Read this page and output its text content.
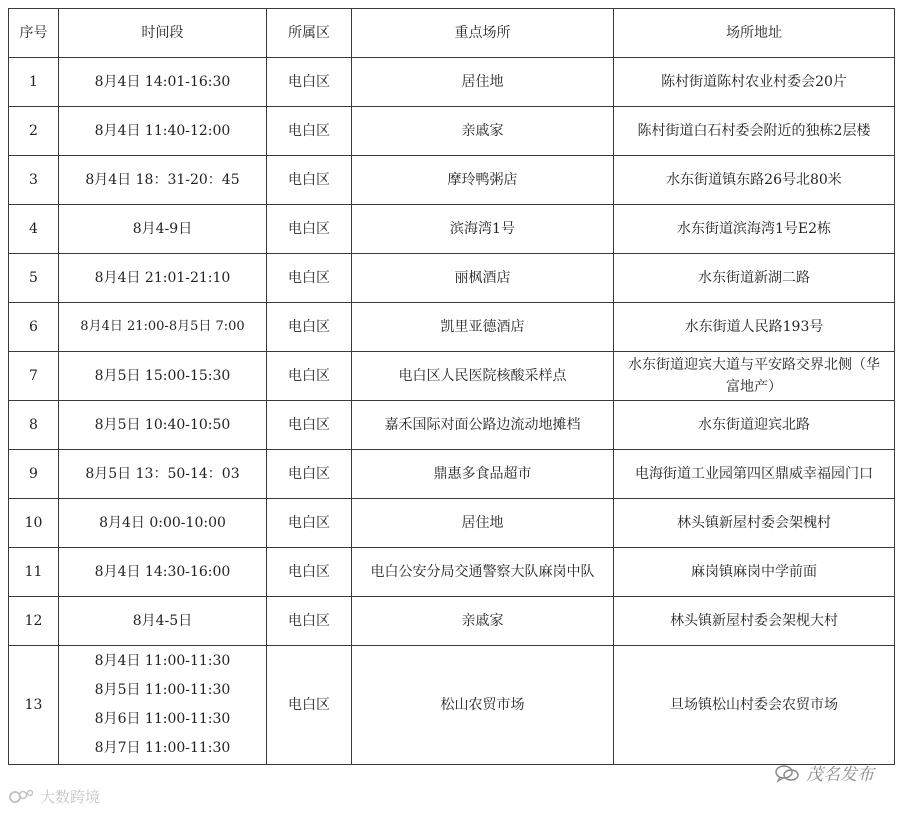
序号	时间段	所属区	重点场所	场所地址
1	8月4日 14:01-16:30	电白区	居住地	陈村街道陈村农业村委会20片
2	8月4日 11:40-12:00	电白区	亲戚家	陈村街道白石村委会附近的独栋2层楼
3	8月4日 18：31-20：45	电白区	摩玲鸭粥店	水东街道镇东路26号北80米
4	8月4-9日	电白区	滨海湾1号	水东街道滨海湾1号E2栋
5	8月4日 21:01-21:10	电白区	丽枫酒店	水东街道新湖二路
6	8月4日 21:00-8月5日 7:00	电白区	凯里亚德酒店	水东街道人民路193号
7	8月5日 15:00-15:30	电白区	电白区人民医院核酸采样点	水东街道迎宾大道与平安路交界北侧（华
富地产）

8	8月5日 10:40-10:50	电白区	嘉禾国际对面公路边流动地摊档	水东街道迎宾北路
9	8月5日 13：50-14：03	电白区	鼎惠多食品超市	电海街道工业园第四区鼎威幸福园门口
10	8月4日 0:00-10:00	电白区	居住地	林头镇新屋村委会架槐村
11	8月4日 14:30-16:00	电白区	电白公安分局交通警察大队麻岗中队	麻岗镇麻岗中学前面
12	8月4-5日	电白区	亲戚家	林头镇新屋村委会架枧大村
13	8月4日 11:00-11:30
8月5日 11:00-11:30
8月6日 11:00-11:30
8月7日 11:00-11:30	电白区	松山农贸市场	旦场镇松山村委会农贸市场
茂名发布
大数跨境
